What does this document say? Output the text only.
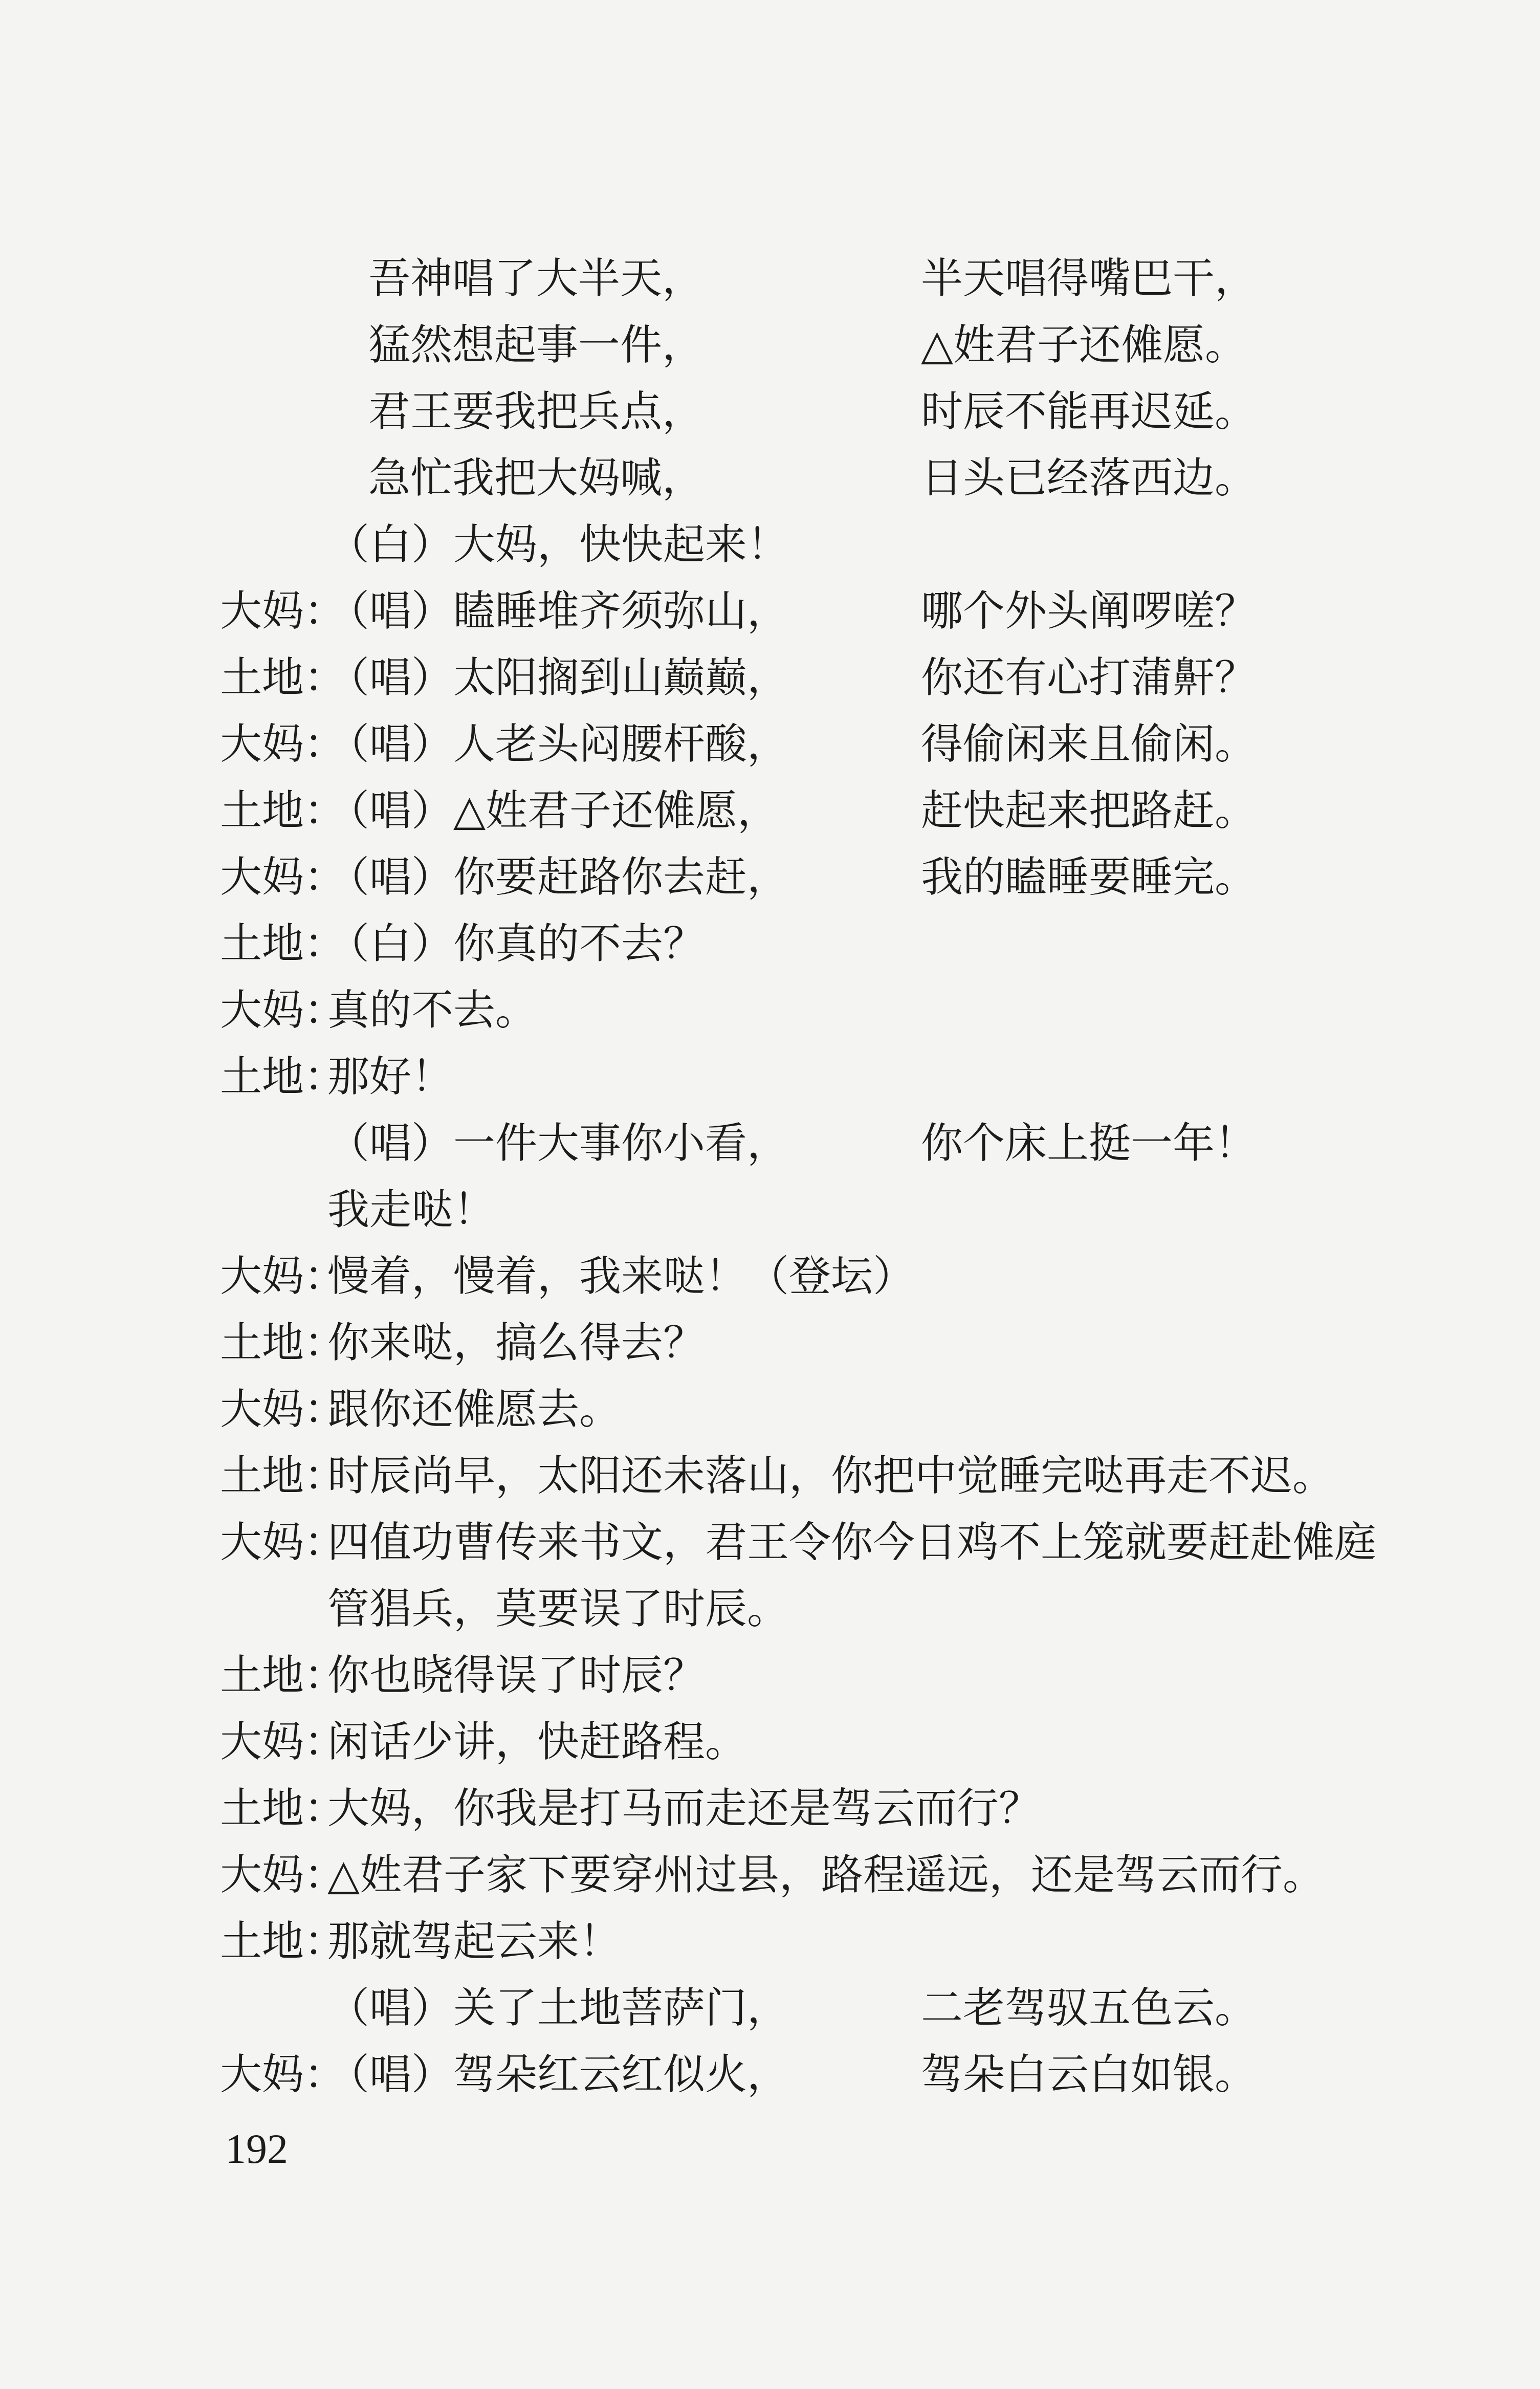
吾神唱了大半天，	半天唱得嘴巴干，
猛然想起事一件，	△姓君子还傩愿。
君王要我把兵点，	时辰不能再迟延。
急忙我把大妈喊，	日头已经落西边。
（白）大妈，快快起来！
大妈：
（唱）瞌睡堆齐须弥山，	哪个外头阐啰嗟？
土地：
（唱）太阳搁到山巅巅，	你还有心打蒲鼾？
大妈：
（唱）人老头闷腰杆酸，	得偷闲来且偷闲。
土地：
（唱）△姓君子还傩愿，	赶快起来把路赶。
大妈：
（唱）你要赶路你去赶，	我的瞌睡要睡完。
土地：
（白）你真的不去？
大妈：
真的不去。
土地：
那好！
（唱）一件大事你小看，	你个床上挺一年！
我走哒！
大妈：
慢着，慢着，我来哒！（登坛）
土地：
你来哒，搞么得去？
大妈：
跟你还傩愿去。
土地：
时辰尚早，太阳还未落山，你把中觉睡完哒再走不迟。
大妈：
四值功曹传来书文，君王令你今日鸡不上笼就要赶赴傩庭
管猖兵，莫要误了时辰。
土地：
你也晓得误了时辰？
大妈：
闲话少讲，快赶路程。
土地：
大妈，你我是打马而走还是驾云而行？
大妈：
△姓君子家下要穿州过县，路程遥远，还是驾云而行。
土地：
那就驾起云来！
（唱）关了土地菩萨门，	二老驾驭五色云。
大妈：
（唱）驾朵红云红似火，	驾朵白云白如银。
192
